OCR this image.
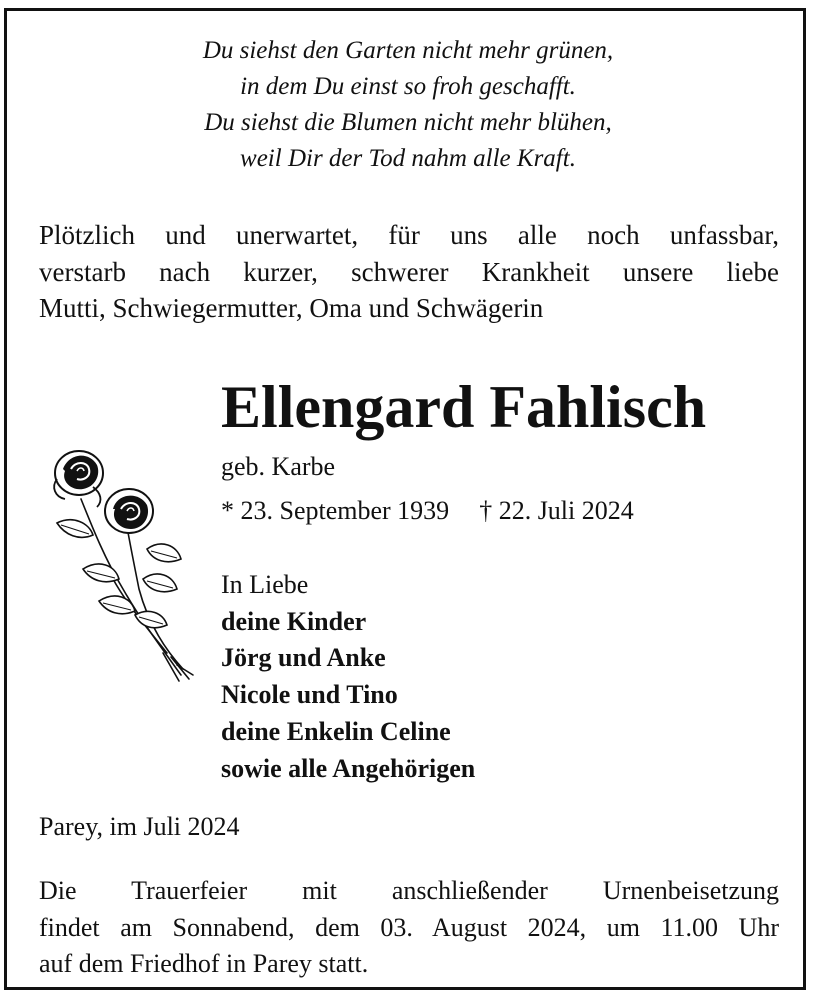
Du siehst den Garten nicht mehr grünen,
in dem Du einst so froh geschafft.
Du siehst die Blumen nicht mehr blühen,
weil Dir der Tod nahm alle Kraft.
Plötzlich und unerwartet, für uns alle noch unfassbar,
verstarb nach kurzer, schwerer Krankheit unsere liebe
Mutti, Schwiegermutter, Oma und Schwägerin
Ellengard Fahlisch
geb. Karbe
* 23. September 1939 † 22. Juli 2024
In Liebe
deine Kinder
Jörg und Anke
Nicole und Tino
deine Enkelin Celine
sowie alle Angehörigen
Parey, im Juli 2024
Die Trauerfeier mit anschließender Urnenbeisetzung
findet am Sonnabend, dem 03. August 2024, um 11.00 Uhr
auf dem Friedhof in Parey statt.
